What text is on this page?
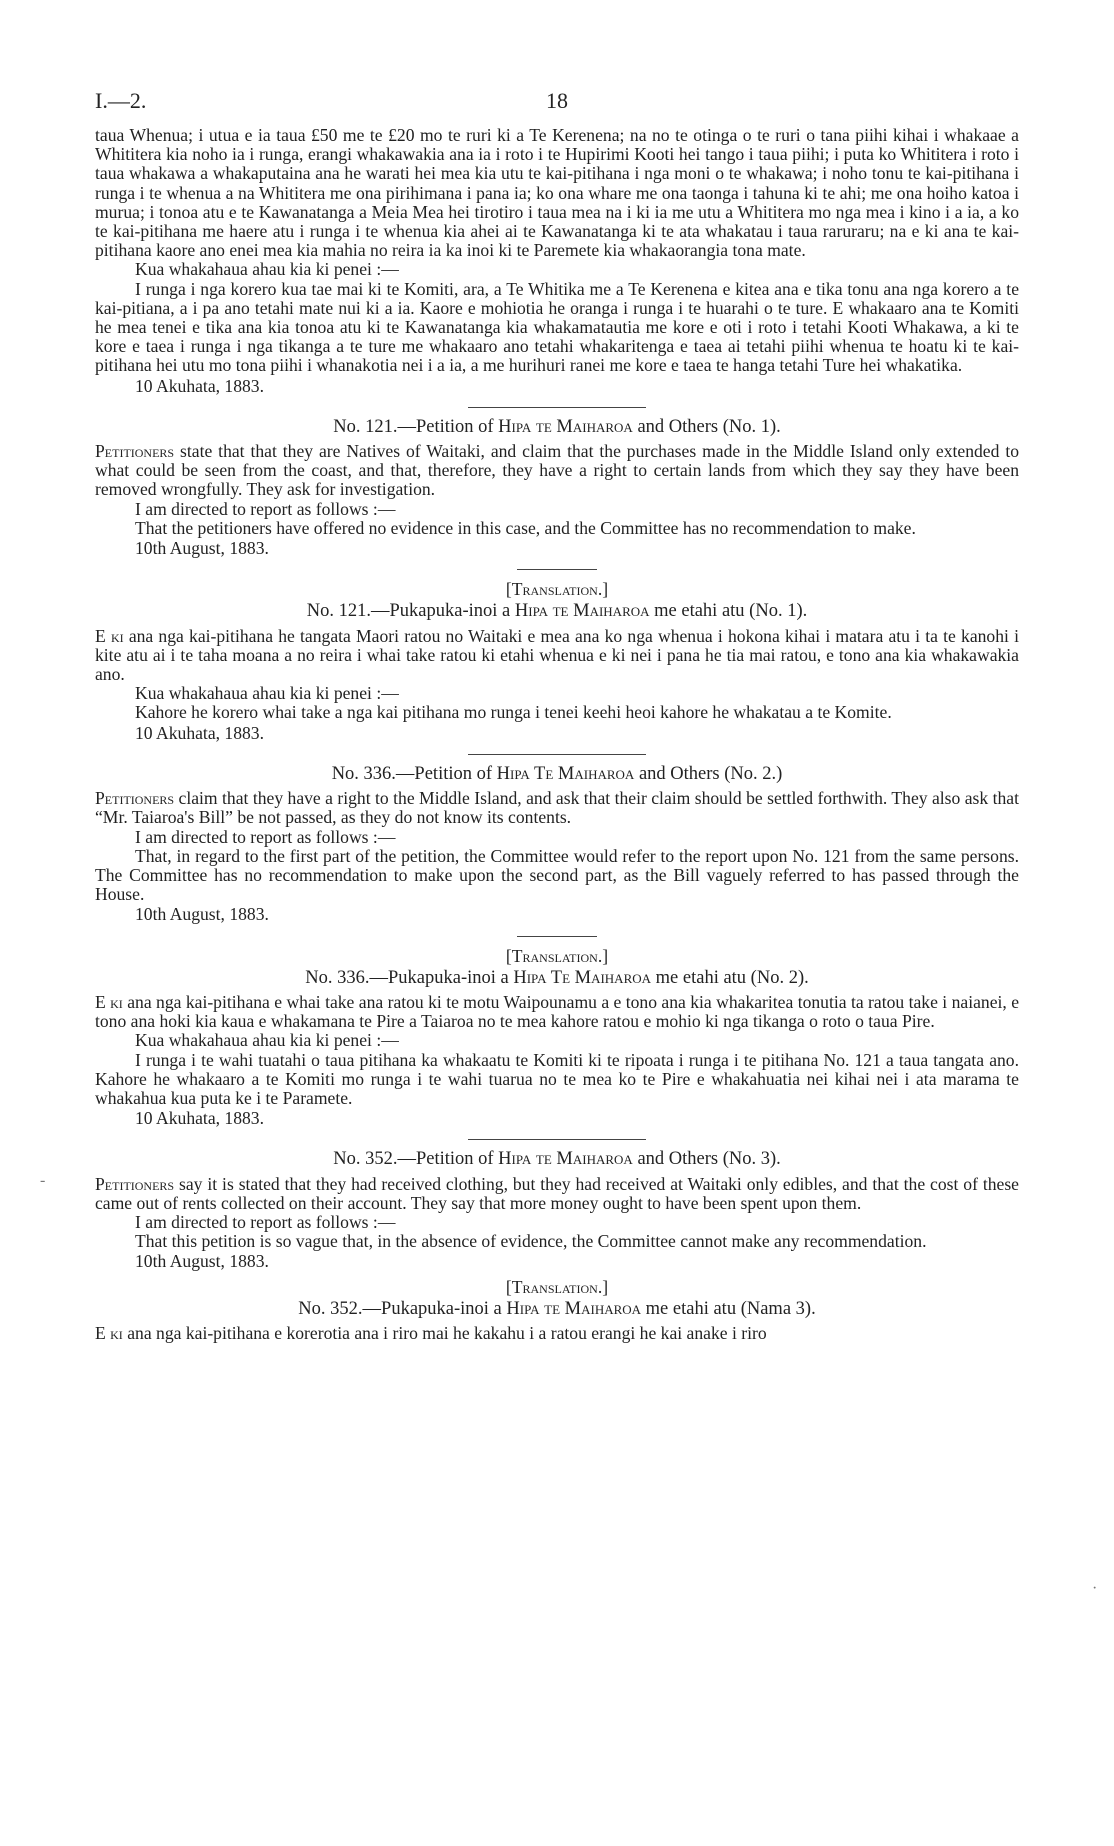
I.—2.	18

taua Whenua; i utua e ia taua £50 me te £20 mo te ruri ki a Te Kerenena; na no te otinga o te ruri o tana piihi kihai i whakaae a Whititera kia noho ia i runga, erangi whakawakia ana ia i roto i te Hupirimi Kooti hei tango i taua piihi; i puta ko Whititera i roto i taua whakawa a whakaputaina ana he warati hei mea kia utu te kai-pitihana i nga moni o te whakawa; i noho tonu te kai-pitihana i runga i te whenua a na Whititera me ona pirihimana i pana ia; ko ona whare me ona taonga i tahuna ki te ahi; me ona hoiho katoa i murua; i tonoa atu e te Kawanatanga a Meia Mea hei tirotiro i taua mea na i ki ia me utu a Whititera mo nga mea i kino i a ia, a ko te kai-pitihana me haere atu i runga i te whenua kia ahei ai te Kawanatanga ki te ata whakatau i taua raruraru; na e ki ana te kai-pitihana kaore ano enei mea kia mahia no reira ia ka inoi ki te Paremete kia whakaorangia tona mate.

Kua whakahaua ahau kia ki penei :—

I runga i nga korero kua tae mai ki te Komiti, ara, a Te Whitika me a Te Kerenena e kitea ana e tika tonu ana nga korero a te kai-pitiana, a i pa ano tetahi mate nui ki a ia. Kaore e mohiotia he oranga i runga i te huarahi o te ture. E whakaaro ana te Komiti he mea tenei e tika ana kia tonoa atu ki te Kawanatanga kia whakamatautia me kore e oti i roto i tetahi Kooti Whakawa, a ki te kore e taea i runga i nga tikanga a te ture me whakaaro ano tetahi whakaritenga e taea ai tetahi piihi whenua te hoatu ki te kai-pitihana hei utu mo tona piihi i whanakotia nei i a ia, a me hurihuri ranei me kore e taea te hanga tetahi Ture hei whakatika.

10 Akuhata, 1883.

No. 121.—Petition of Hipa te Maiharoa and Others (No. 1).

Petitioners state that that they are Natives of Waitaki, and claim that the purchases made in the Middle Island only extended to what could be seen from the coast, and that, therefore, they have a right to certain lands from which they say they have been removed wrongfully. They ask for investigation.

I am directed to report as follows :—

That the petitioners have offered no evidence in this case, and the Committee has no recommendation to make.

10th August, 1883.

[Translation.]

No. 121.—Pukapuka-inoi a Hipa te Maiharoa me etahi atu (No. 1).

E ki ana nga kai-pitihana he tangata Maori ratou no Waitaki e mea ana ko nga whenua i hokona kihai i matara atu i ta te kanohi i kite atu ai i te taha moana a no reira i whai take ratou ki etahi whenua e ki nei i pana he tia mai ratou, e tono ana kia whakawakia ano.

Kua whakahaua ahau kia ki penei :—

Kahore he korero whai take a nga kai pitihana mo runga i tenei keehi heoi kahore he whakatau a te Komite.

10 Akuhata, 1883.

No. 336.—Petition of Hipa Te Maiharoa and Others (No. 2.)

Petitioners claim that they have a right to the Middle Island, and ask that their claim should be settled forthwith. They also ask that “Mr. Taiaroa's Bill” be not passed, as they do not know its contents.

I am directed to report as follows :—

That, in regard to the first part of the petition, the Committee would refer to the report upon No. 121 from the same persons. The Committee has no recommendation to make upon the second part, as the Bill vaguely referred to has passed through the House.

10th August, 1883.

[Translation.]

No. 336.—Pukapuka-inoi a Hipa Te Maiharoa me etahi atu (No. 2).

E ki ana nga kai-pitihana e whai take ana ratou ki te motu Waipounamu a e tono ana kia whakaritea tonutia ta ratou take i naianei, e tono ana hoki kia kaua e whakamana te Pire a Taiaroa no te mea kahore ratou e mohio ki nga tikanga o roto o taua Pire.

Kua whakahaua ahau kia ki penei :—

I runga i te wahi tuatahi o taua pitihana ka whakaatu te Komiti ki te ripoata i runga i te pitihana No. 121 a taua tangata ano. Kahore he whakaaro a te Komiti mo runga i te wahi tuarua no te mea ko te Pire e whakahuatia nei kihai nei i ata marama te whakahua kua puta ke i te Paramete.

10 Akuhata, 1883.

No. 352.—Petition of Hipa te Maiharoa and Others (No. 3).

Petitioners say it is stated that they had received clothing, but they had received at Waitaki only edibles, and that the cost of these came out of rents collected on their account. They say that more money ought to have been spent upon them.

I am directed to report as follows :—

That this petition is so vague that, in the absence of evidence, the Committee cannot make any recommendation.

10th August, 1883.

[Translation.]

No. 352.—Pukapuka-inoi a Hipa te Maiharoa me etahi atu (Nama 3).

E ki ana nga kai-pitihana e korerotia ana i riro mai he kakahu i a ratou erangi he kai anake i riro

-
·
